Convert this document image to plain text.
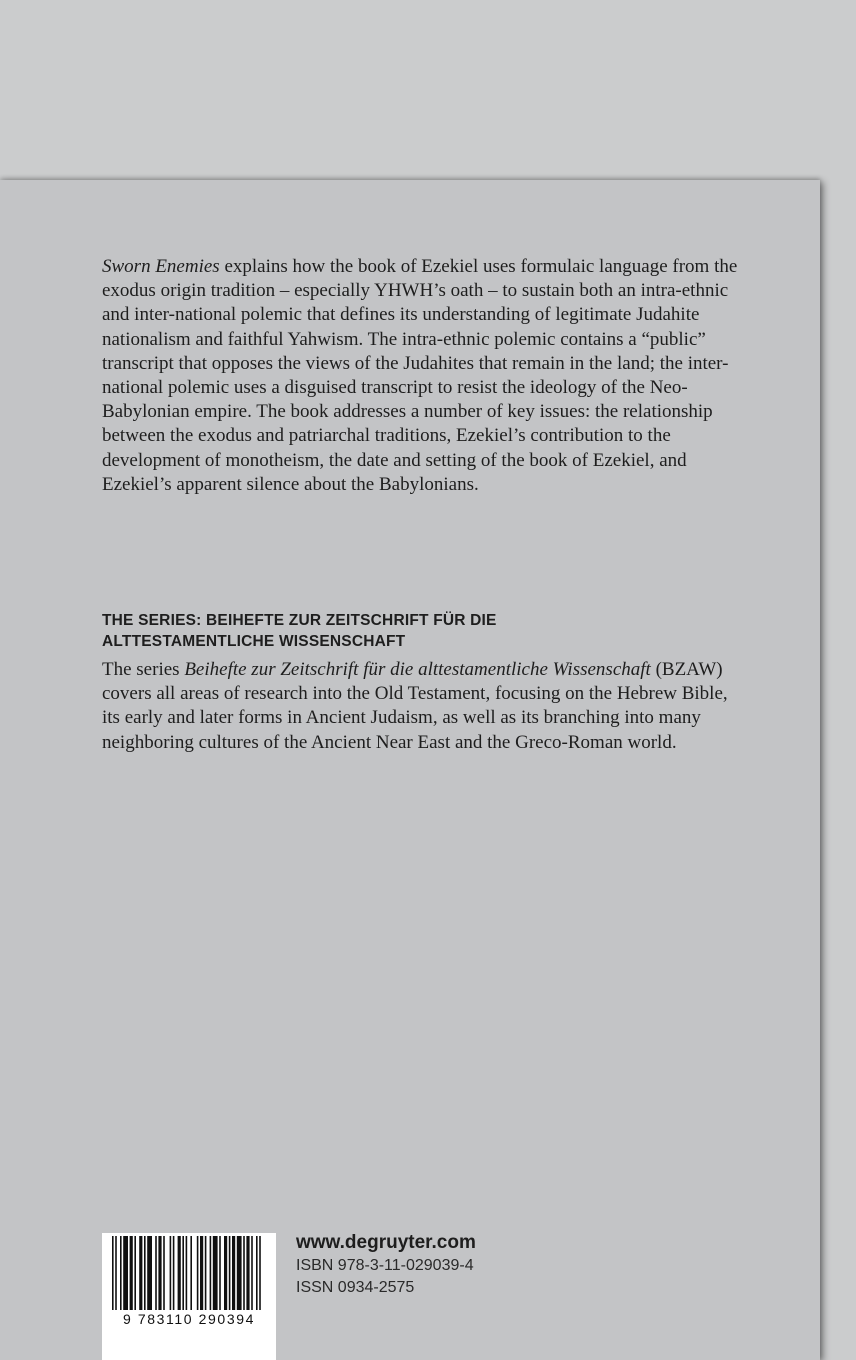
Sworn Enemies explains how the book of Ezekiel uses formulaic language from the exodus origin tradition – especially YHWH’s oath – to sustain both an intra-ethnic and inter-national polemic that defines its understanding of legitimate Judahite nationalism and faithful Yahwism. The intra-ethnic polemic contains a “public” transcript that opposes the views of the Judahites that remain in the land; the inter-national polemic uses a disguised transcript to resist the ideology of the Neo-Babylonian empire. The book addresses a number of key issues: the relationship between the exodus and patriarchal traditions, Ezekiel’s contribution to the development of monotheism, the date and setting of the book of Ezekiel, and Ezekiel’s apparent silence about the Babylonians.

THE SERIES: BEIHEFTE ZUR ZEITSCHRIFT FÜR DIE
ALTTESTAMENTLICHE WISSENSCHAFT

The series Beihefte zur Zeitschrift für die alttestamentliche Wissenschaft (BZAW) covers all areas of research into the Old Testament, focusing on the Hebrew Bible, its early and later forms in Ancient Judaism, as well as its branching into many neighboring cultures of the Ancient Near East and the Greco-Roman world.

9 783110 290394
www.degruyter.com
ISBN 978-3-11-029039-4
ISSN 0934-2575
